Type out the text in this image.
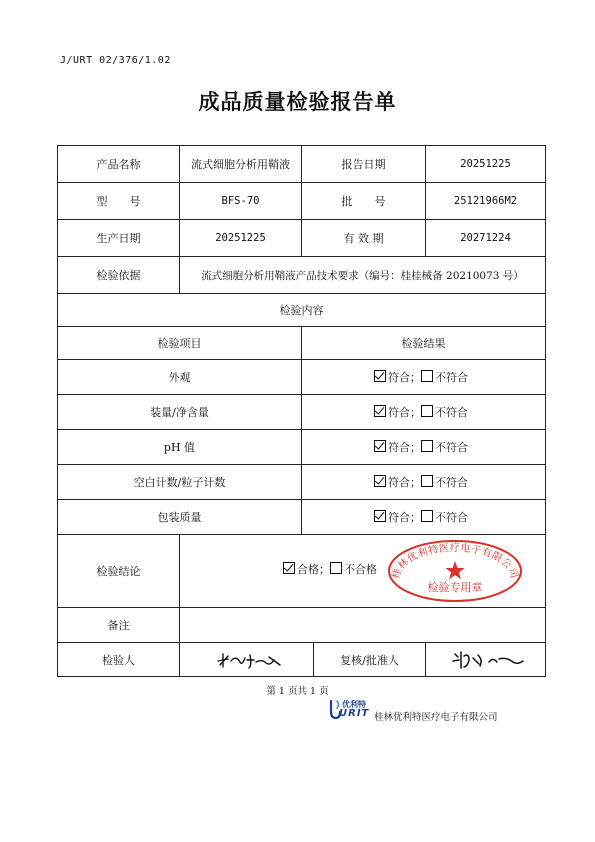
J/URT 02/376/1.02
成品质量检验报告单
产品名称	流式细胞分析用鞘液	报告日期		20251225
型　　号	BFS-70	批　　号		25121966M2
生产日期	20251225	有 效 期		20271224
检验依据	流式细胞分析用鞘液产品技术要求（编号：桂桂械备 20210073 号）			
检验内容				
检验项目		检验结果		
外观		符合； 不符合		
装量/净含量		符合； 不符合		
pH 值		符合； 不符合		
空白计数/粒子计数		符合； 不符合		
包装质量		符合； 不符合		
检验结论	合格； 不合格 桂林优利特医疗电子有限公司
检验专用章			

备注				
检验人			复核/批准人	
第 1 页共 1 页
优利特
URIT 桂林优利特医疗电子有限公司
